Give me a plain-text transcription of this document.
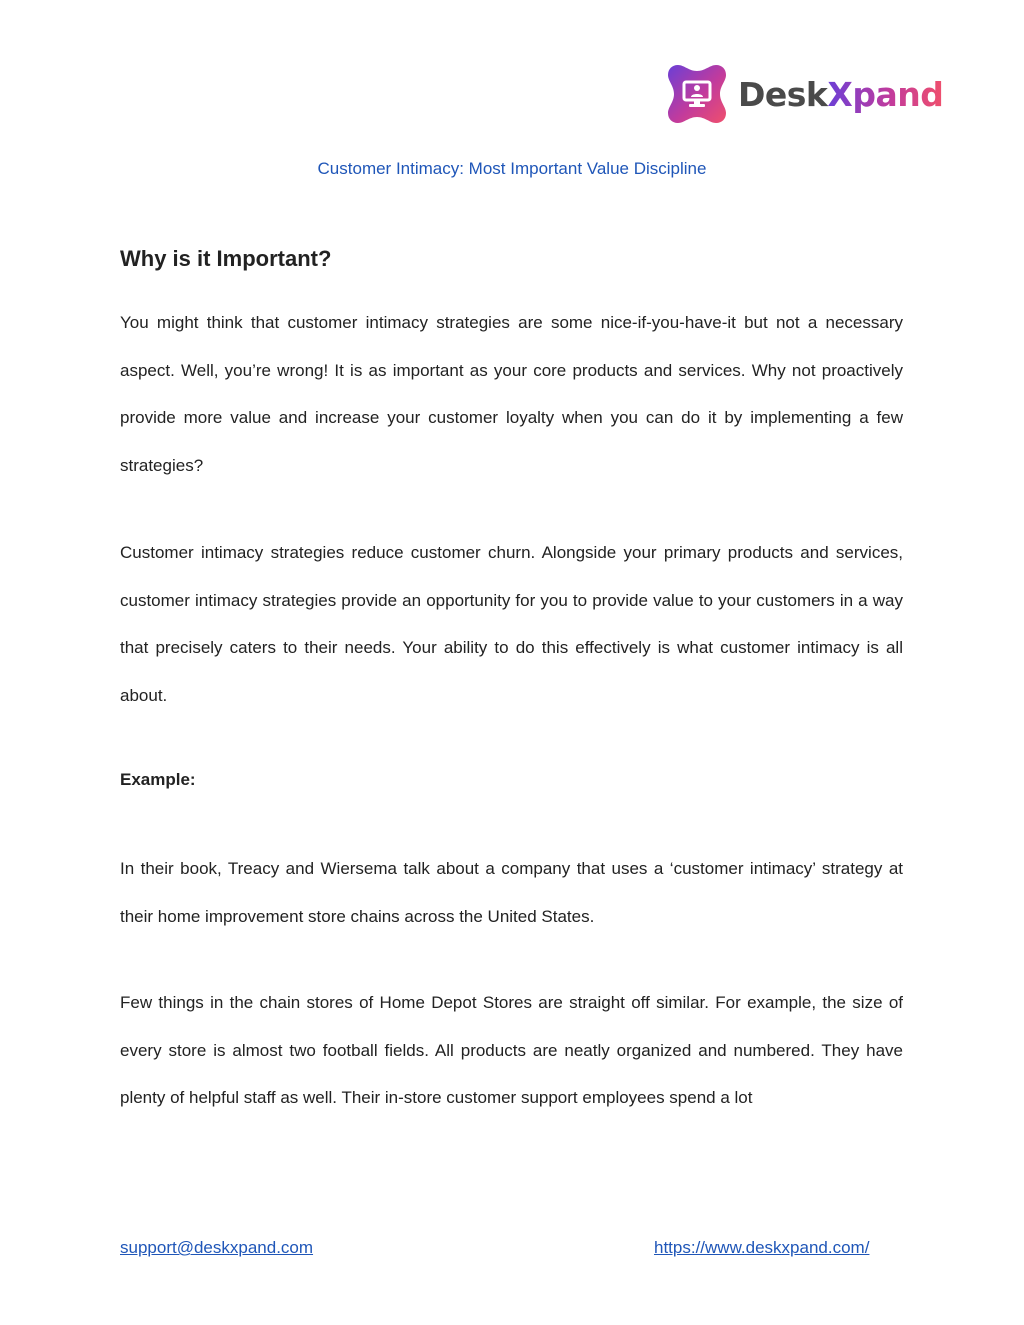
DeskXpand
Customer Intimacy: Most Important Value Discipline
Why is it Important?

You might think that customer intimacy strategies are some nice-if-you-have-it but not a necessary aspect. Well, you’re wrong! It is as important as your core products and services. Why not proactively provide more value and increase your customer loyalty when you can do it by implementing a few strategies?

Customer intimacy strategies reduce customer churn. Alongside your primary products and services, customer intimacy strategies provide an opportunity for you to provide value to your customers in a way that precisely caters to their needs. Your ability to do this effectively is what customer intimacy is all about.

Example:

In their book, Treacy and Wiersema talk about a company that uses a ‘customer intimacy’ strategy at their home improvement store chains across the United States.

Few things in the chain stores of Home Depot Stores are straight off similar. For example, the size of every store is almost two football fields. All products are neatly organized and numbered. They have plenty of helpful staff as well. Their in-store customer support employees spend a lot

support@deskxpand.com	https://www.deskxpand.com/
